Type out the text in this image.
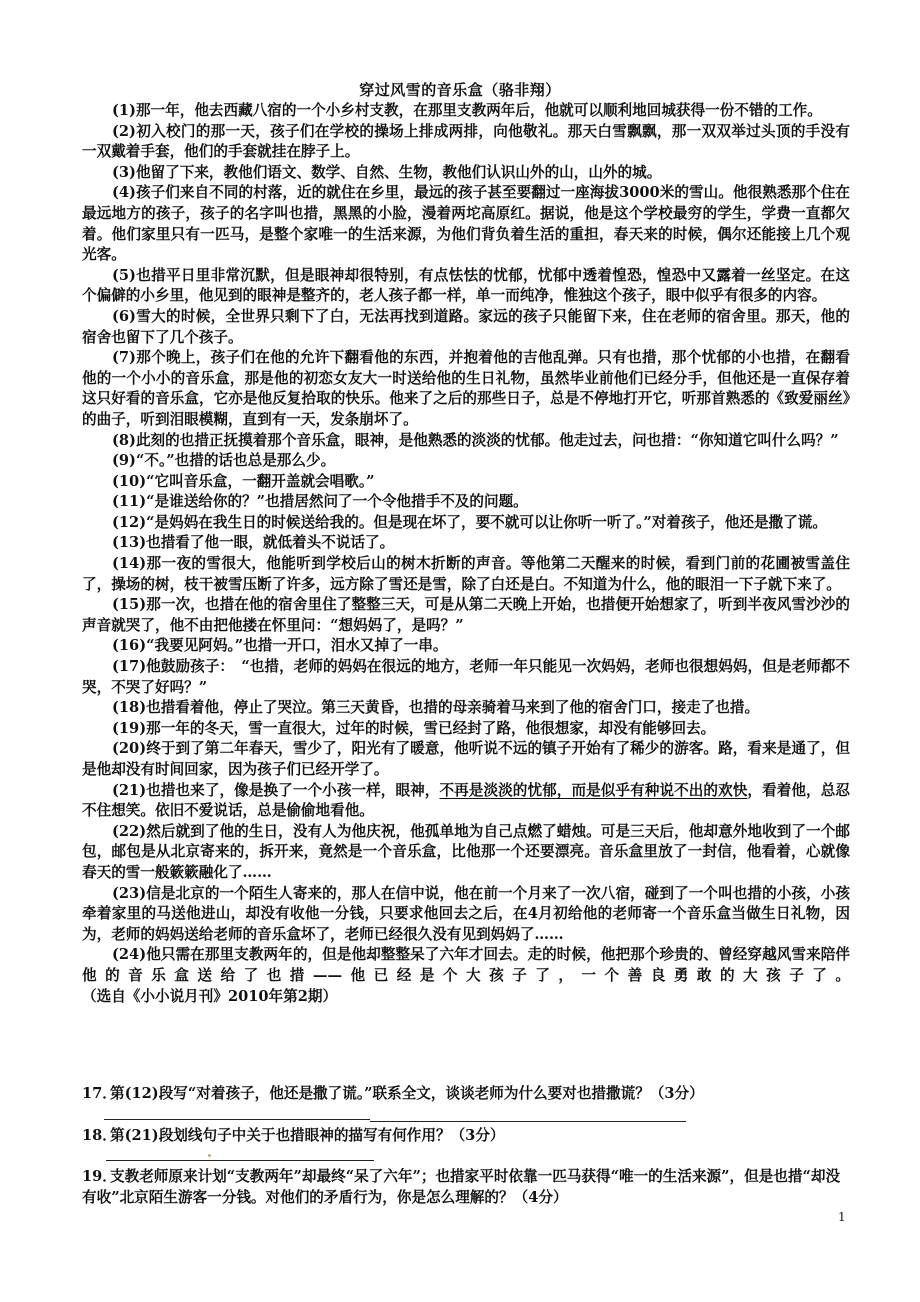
穿过风雪的音乐盒（骆非翔）

(1)那一年，他去西藏八宿的一个小乡村支教，在那里支教两年后，他就可以顺利地回城获得一份不错的工作。

(2)初入校门的那一天，孩子们在学校的操场上排成两排，向他敬礼。那天白雪飘飘，那一双双举过头顶的手没有一双戴着手套，他们的手套就挂在脖子上。

(3)他留了下来，教他们语文、数学、自然、生物，教他们认识山外的山，山外的城。

(4)孩子们来自不同的村落，近的就住在乡里，最远的孩子甚至要翻过一座海拔3000米的雪山。他很熟悉那个住在最远地方的孩子，孩子的名字叫也措，黑黑的小脸，漫着两坨高原红。据说，他是这个学校最穷的学生，学费一直都欠着。他们家里只有一匹马，是整个家唯一的生活来源，为他们背负着生活的重担，春天来的时候，偶尔还能接上几个观光客。

(5)也措平日里非常沉默，但是眼神却很特别，有点怯怯的忧郁，忧郁中透着惶恐，惶恐中又露着一丝坚定。在这个偏僻的小乡里，他见到的眼神是整齐的，老人孩子都一样，单一而纯净，惟独这个孩子，眼中似乎有很多的内容。

(6)雪大的时候，全世界只剩下了白，无法再找到道路。家远的孩子只能留下来，住在老师的宿舍里。那天，他的宿舍也留下了几个孩子。

(7)那个晚上，孩子们在他的允许下翻看他的东西，并抱着他的吉他乱弹。只有也措，那个忧郁的小也措，在翻看他的一个小小的音乐盒，那是他的初恋女友大一时送给他的生日礼物，虽然毕业前他们已经分手，但他还是一直保存着这只好看的音乐盒，它亦是他反复拾取的快乐。他来了之后的那些日子，总是不停地打开它，听那首熟悉的《致爱丽丝》的曲子，听到泪眼模糊，直到有一天，发条崩坏了。

(8)此刻的也措正抚摸着那个音乐盒，眼神，是他熟悉的淡淡的忧郁。他走过去，问也措：“你知道它叫什么吗？”

(9)“不。”也措的话也总是那么少。

(10)“它叫音乐盒，一翻开盖就会唱歌。”

(11)“是谁送给你的？”也措居然问了一个令他措手不及的问题。

(12)“是妈妈在我生日的时候送给我的。但是现在坏了，要不就可以让你听一听了。”对着孩子，他还是撒了谎。

(13)也措看了他一眼，就低着头不说话了。

(14)那一夜的雪很大，他能听到学校后山的树木折断的声音。等他第二天醒来的时候，看到门前的花圃被雪盖住了，操场的树，枝干被雪压断了许多，远方除了雪还是雪，除了白还是白。不知道为什么，他的眼泪一下子就下来了。

(15)那一次，也措在他的宿舍里住了整整三天，可是从第二天晚上开始，也措便开始想家了，听到半夜风雪沙沙的声音就哭了，他不由把他搂在怀里问：“想妈妈了，是吗？”

(16)“我要见阿妈。”也措一开口，泪水又掉了一串。

(17)他鼓励孩子：　“也措，老师的妈妈在很远的地方，老师一年只能见一次妈妈，老师也很想妈妈，但是老师都不哭，不哭了好吗？”

(18)也措看着他，停止了哭泣。第三天黄昏，也措的母亲骑着马来到了他的宿舍门口，接走了也措。

(19)那一年的冬天，雪一直很大，过年的时候，雪已经封了路，他很想家，却没有能够回去。

(20)终于到了第二年春天，雪少了，阳光有了暖意，他听说不远的镇子开始有了稀少的游客。路，看来是通了，但是他却没有时间回家，因为孩子们已经开学了。

(21)也措也来了，像是换了一个小孩一样，眼神，不再是淡淡的忧郁，而是似乎有种说不出的欢快，看着他，总忍不住想笑。依旧不爱说话，总是偷偷地看他。

(22)然后就到了他的生日，没有人为他庆祝，他孤单地为自己点燃了蜡烛。可是三天后，他却意外地收到了一个邮包，邮包是从北京寄来的，拆开来，竟然是一个音乐盒，比他那一个还要漂亮。音乐盒里放了一封信，他看着，心就像春天的雪一般簌簌融化了……

(23)信是北京的一个陌生人寄来的，那人在信中说，他在前一个月来了一次八宿，碰到了一个叫也措的小孩，小孩牵着家里的马送他进山，却没有收他一分钱，只要求他回去之后，在4月初给他的老师寄一个音乐盒当做生日礼物，因为，老师的妈妈送给老师的音乐盒坏了，老师已经很久没有见到妈妈了……

(24)他只需在那里支教两年的，但是他却整整呆了六年才回去。走的时候，他把那个珍贵的、曾经穿越风雪来陪伴他的音乐盒送给了也措——他已经是个大孩子了，一个善良勇敢的大孩子了。

（选自《小小说月刊》2010年第2期）

17．第(12)段写“对着孩子，他还是撒了谎。”联系全文，谈谈老师为什么要对也措撒谎？（3分）
18．第(21)段划线句子中关于也措眼神的描写有何作用？（3分）
19．支教老师原来计划“支教两年”却最终“呆了六年”；也措家平时依靠一匹马获得“唯一的生活来源”，但是也措“却没有收”北京陌生游客一分钱。对他们的矛盾行为，你是怎么理解的？（4分）
1
